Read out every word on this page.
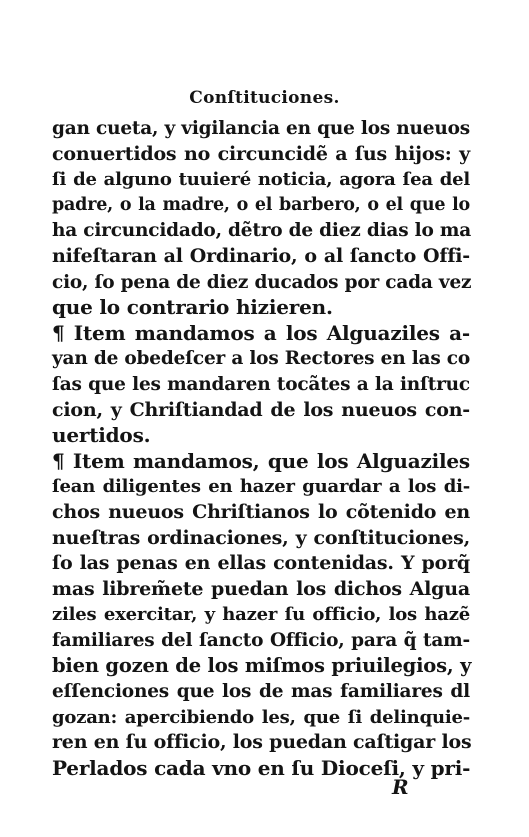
Conſtituciones.
gan cueta, y vigilancia en que los nueuos
conuertidos no circuncidẽ a ſus hijos: y
ſi de alguno tuuieré noticia, agora ſea del
padre, o la madre, o el barbero, o el que lo
ha circuncidado, dẽtro de diez dias lo ma
nifeſtaran al Ordinario, o al ſancto Offi-
cio, ſo pena de diez ducados por cada vez
que lo contrario hizieren.
¶ Item mandamos a los Alguaziles a-
yan de obedeſcer a los Rectores en las co
ſas que les mandaren tocãtes a la inſtruc
cion, y Chriſtiandad de los nueuos con-
uertidos.
¶ Item mandamos, que los Alguaziles
ſean diligentes en hazer guardar a los di-
chos nueuos Chriſtianos lo cõtenido en
nueſtras ordinaciones, y conſtituciones,
ſo las penas en ellas contenidas. Y porq̃
mas librem̃ete puedan los dichos Algua
ziles exercitar, y hazer ſu officio, los hazẽ
familiares del ſancto Officio, para q̃ tam-
bien gozen de los miſmos priuilegios, y
eſſenciones que los de mas familiares dl
gozan: apercibiendo les, que ſi delinquie-
ren en ſu officio, los puedan caſtigar los
Perlados cada vno en ſu Dioceſi, y pri-
R
